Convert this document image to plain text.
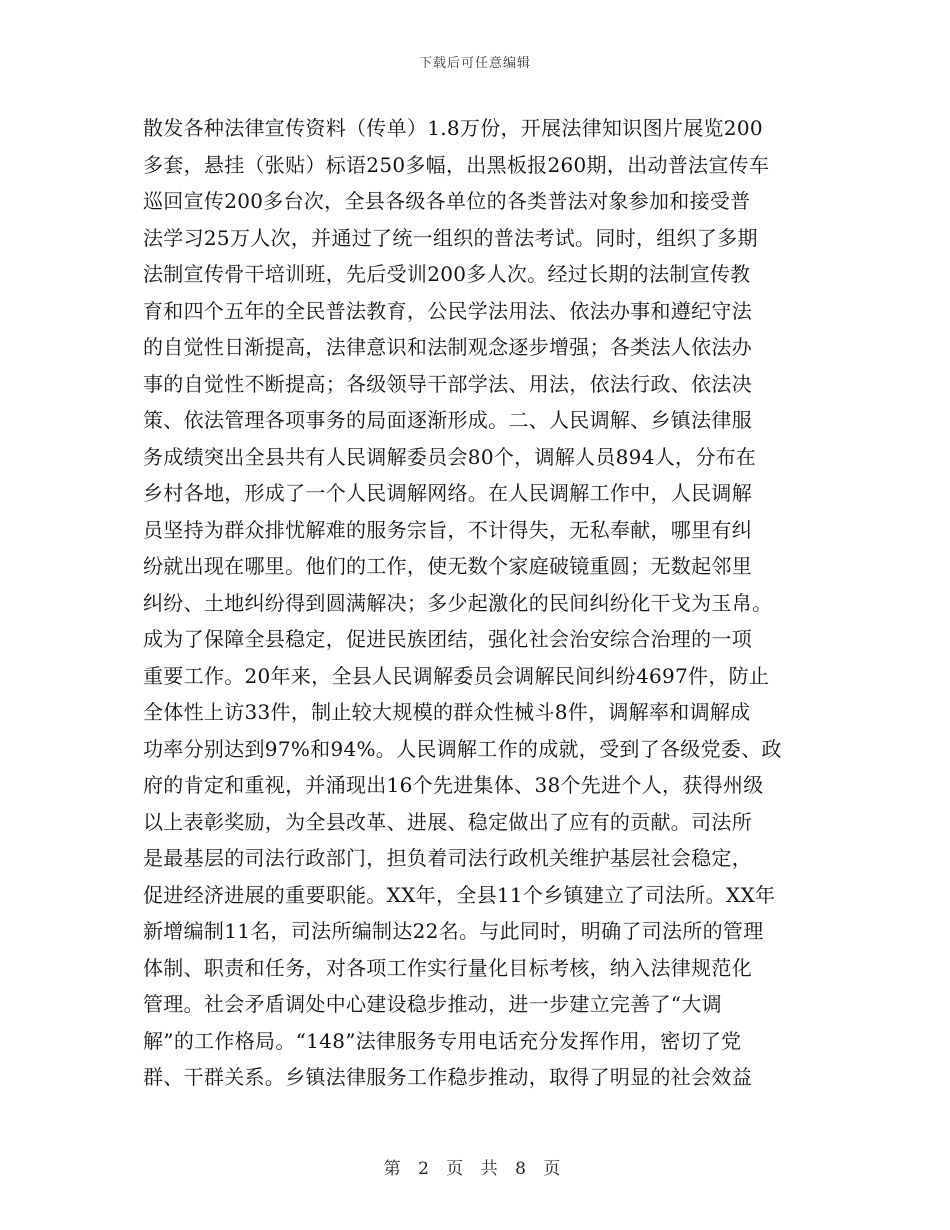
下载后可任意编辑
散发各种法律宣传资料（传单）1.8万份，开展法律知识图片展览200
多套，悬挂（张贴）标语250多幅，出黑板报260期，出动普法宣传车
巡回宣传200多台次，全县各级各单位的各类普法对象参加和接受普
法学习25万人次，并通过了统一组织的普法考试。同时，组织了多期
法制宣传骨干培训班，先后受训200多人次。经过长期的法制宣传教
育和四个五年的全民普法教育，公民学法用法、依法办事和遵纪守法
的自觉性日渐提高，法律意识和法制观念逐步增强；各类法人依法办
事的自觉性不断提高；各级领导干部学法、用法，依法行政、依法决
策、依法管理各项事务的局面逐渐形成。二、人民调解、乡镇法律服
务成绩突出全县共有人民调解委员会80个，调解人员894人，分布在
乡村各地，形成了一个人民调解网络。在人民调解工作中，人民调解
员坚持为群众排忧解难的服务宗旨，不计得失，无私奉献，哪里有纠
纷就出现在哪里。他们的工作，使无数个家庭破镜重圆；无数起邻里
纠纷、土地纠纷得到圆满解决；多少起激化的民间纠纷化干戈为玉帛。
成为了保障全县稳定，促进民族团结，强化社会治安综合治理的一项
重要工作。20年来，全县人民调解委员会调解民间纠纷4697件，防止
全体性上访33件，制止较大规模的群众性械斗8件，调解率和调解成
功率分别达到97%和94%。人民调解工作的成就，受到了各级党委、政
府的肯定和重视，并涌现出16个先进集体、38个先进个人，获得州级
以上表彰奖励，为全县改革、进展、稳定做出了应有的贡献。司法所
是最基层的司法行政部门，担负着司法行政机关维护基层社会稳定，
促进经济进展的重要职能。XX年，全县11个乡镇建立了司法所。XX年
新增编制11名，司法所编制达22名。与此同时，明确了司法所的管理
体制、职责和任务，对各项工作实行量化目标考核，纳入法律规范化
管理。社会矛盾调处中心建设稳步推动，进一步建立完善了“大调
解”的工作格局。“148”法律服务专用电话充分发挥作用，密切了党
群、干群关系。乡镇法律服务工作稳步推动，取得了明显的社会效益
第 2 页 共 8 页
